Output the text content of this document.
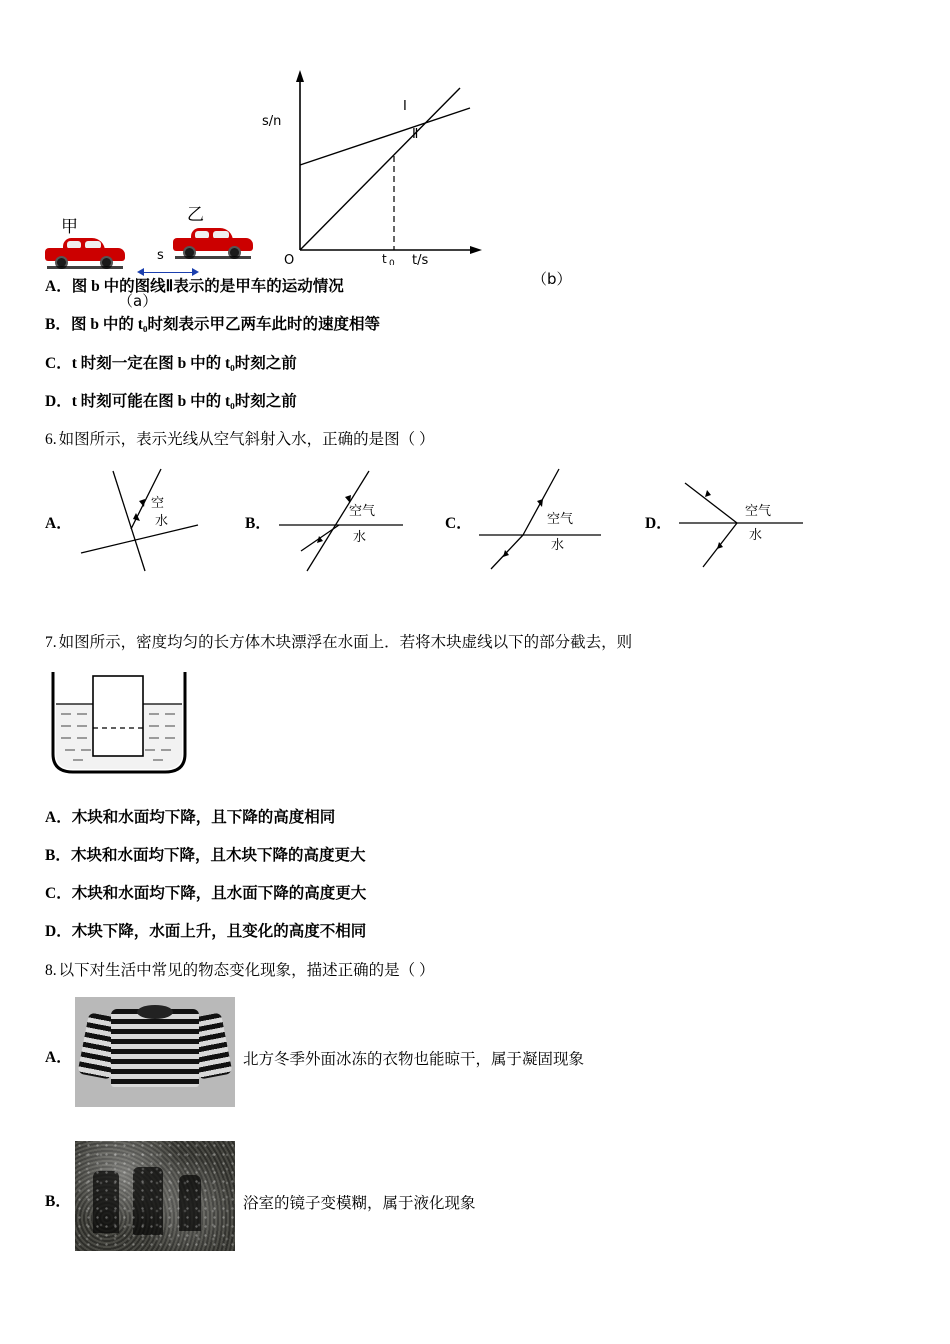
甲
乙
s
（a）
s/n
O	t 0 t/s
Ⅰ
Ⅱ
（b）

A．图 b 中的图线Ⅱ表示的是甲车的运动情况

B．图 b 中的 t₀时刻表示甲乙两车此时的速度相等

C．t 时刻一定在图 b 中的 t₀时刻之前

D．t 时刻可能在图 b 中的 t₀时刻之前

6. 如图所示，表示光线从空气斜射入水，正确的是图（ ）

A．
空
水	B．
空气
水
C．	空气
水
D．
空气
水

7. 如图所示，密度均匀的长方体木块漂浮在水面上．若将木块虚线以下的部分截去，则

A．木块和水面均下降，且下降的高度相同

B．木块和水面均下降，且木块下降的高度更大

C．木块和水面均下降，且水面下降的高度更大

D．木块下降，水面上升，且变化的高度不相同

8. 以下对生活中常见的物态变化现象，描述正确的是（ ）

A．	北方冬季外面冰冻的衣物也能晾干，属于凝固现象
B．	浴室的镜子变模糊，属于液化现象
